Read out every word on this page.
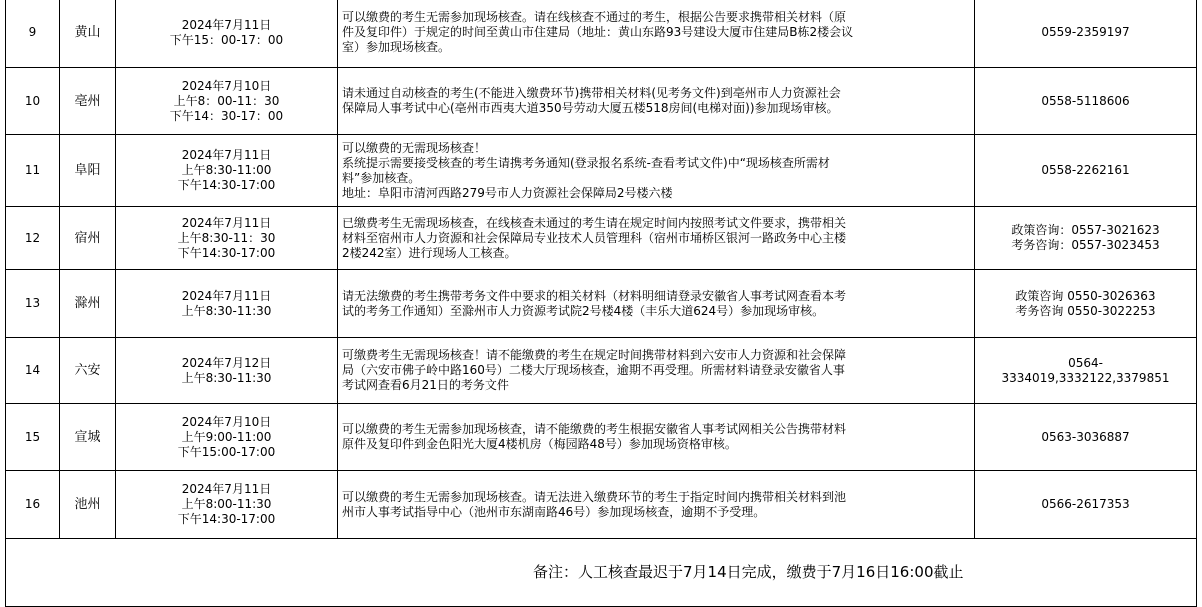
9	黄山	2024年7月11日
下午15：00-17：00	可以缴费的考生无需参加现场核查。请在线核查不通过的考生，根据公告要求携带相关材料（原
件及复印件）于规定的时间至黄山市住建局（地址：黄山东路93号建设大厦市住建局B栋2楼会议
室）参加现场核查。	0559-2359197

10	亳州	2024年7月10日
上午8：00-11：30
下午14：30-17：00	请未通过自动核查的考生(不能进入缴费环节)携带相关材料(见考务文件)到亳州市人力资源社会
保障局人事考试中心(亳州市西夷大道350号劳动大厦五楼518房间(电梯对面))参加现场审核。	0558-5118606

11	阜阳	2024年7月11日
上午8:30-11:00
下午14:30-17:00	可以缴费的无需现场核查！
系统提示需要接受核查的考生请携考务通知(登录报名系统-查看考试文件)中“现场核查所需材
料”参加核查。
地址：阜阳市清河西路279号市人力资源社会保障局2号楼六楼	0558-2262161

12	宿州	2024年7月11日
上午8:30-11：30
下午14:30-17:00	已缴费考生无需现场核查，在线核查未通过的考生请在规定时间内按照考试文件要求，携带相关
材料至宿州市人力资源和社会保障局专业技术人员管理科（宿州市埇桥区银河一路政务中心主楼
2楼242室）进行现场人工核查。	政策咨询：0557-3021623
考务咨询：0557-3023453

13	滁州	2024年7月11日
上午8:30-11:30	请无法缴费的考生携带考务文件中要求的相关材料（材料明细请登录安徽省人事考试网查看本考
试的考务工作通知）至滁州市人力资源考试院2号楼4楼（丰乐大道624号）参加现场审核。	政策咨询 0550-3026363
考务咨询 0550-3022253

14	六安	2024年7月12日
上午8:30-11:30	可缴费考生无需现场核查！请不能缴费的考生在规定时间携带材料到六安市人力资源和社会保障
局（六安市佛子岭中路160号）二楼大厅现场核查，逾期不再受理。所需材料请登录安徽省人事
考试网查看6月21日的考务文件	0564-
3334019,3332122,3379851

15	宣城	2024年7月10日
上午9:00-11:00
下午15:00-17:00	可以缴费的考生无需参加现场核查，请不能缴费的考生根据安徽省人事考试网相关公告携带材料
原件及复印件到金色阳光大厦4楼机房（梅园路48号）参加现场资格审核。	0563-3036887

16	池州	2024年7月11日
上午8:00-11:30
下午14:30-17:00	可以缴费的考生无需参加现场核查。请无法进入缴费环节的考生于指定时间内携带相关材料到池
州市人事考试指导中心（池州市东湖南路46号）参加现场核查，逾期不予受理。	0566-2617353

			备注：人工核查最迟于7月14日完成，缴费于7月16日16:00截止	
